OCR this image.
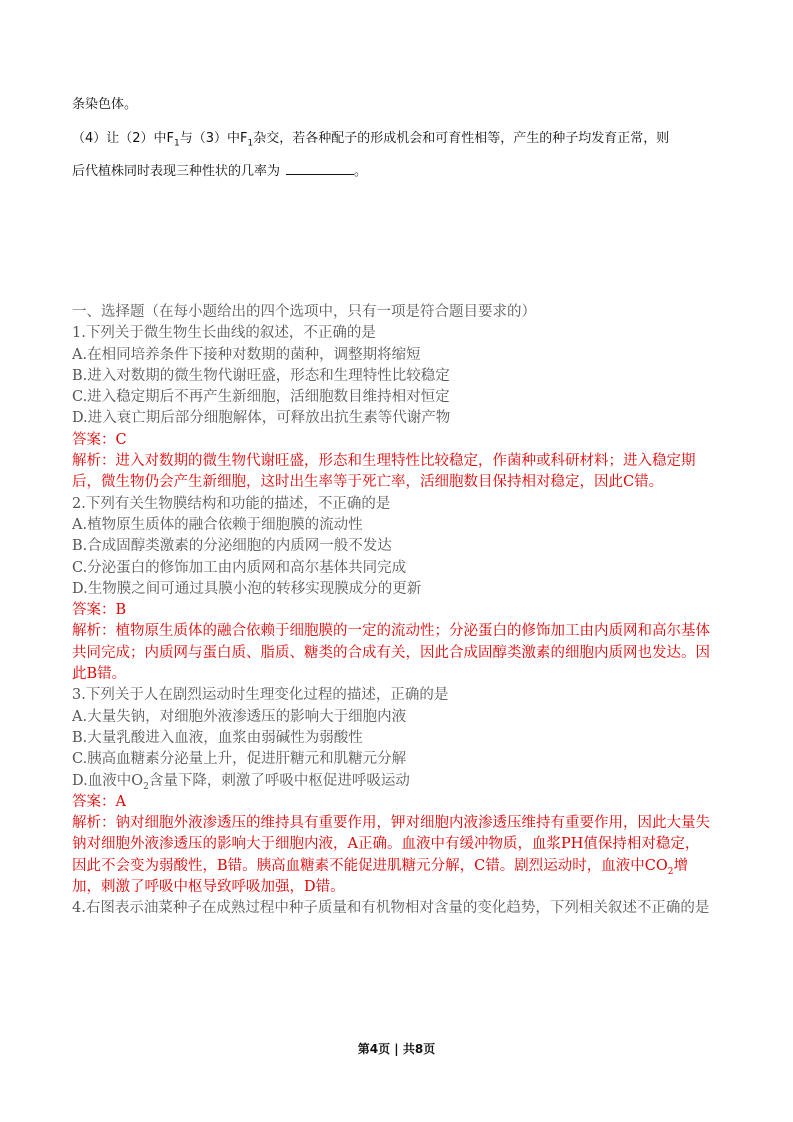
条染色体。
（4）让（2）中$F_1$与（3）中$F_1$杂交，若各种配子的形成机会和可育性相等，产生的种子均发育正常，则
后代植株同时表现三种性状的几率为	。

一、选择题（在每小题给出的四个选项中，只有一项是符合题目要求的）

1.下列关于微生物生长曲线的叙述，不正确的是

A.在相同培养条件下接种对数期的菌种，调整期将缩短

B.进入对数期的微生物代谢旺盛，形态和生理特性比较稳定

C.进入稳定期后不再产生新细胞，活细胞数目维持相对恒定

D.进入衰亡期后部分细胞解体，可释放出抗生素等代谢产物

答案：C

解析：进入对数期的微生物代谢旺盛，形态和生理特性比较稳定，作菌种或科研材料；进入稳定期后，微生物仍会产生新细胞，这时出生率等于死亡率，活细胞数目保持相对稳定，因此C错。

2.下列有关生物膜结构和功能的描述，不正确的是

A.植物原生质体的融合依赖于细胞膜的流动性

B.合成固醇类激素的分泌细胞的内质网一般不发达

C.分泌蛋白的修饰加工由内质网和高尔基体共同完成

D.生物膜之间可通过具膜小泡的转移实现膜成分的更新

答案：B

解析：植物原生质体的融合依赖于细胞膜的一定的流动性；分泌蛋白的修饰加工由内质网和高尔基体共同完成；内质网与蛋白质、脂质、糖类的合成有关，因此合成固醇类激素的细胞内质网也发达。因此B错。

3.下列关于人在剧烈运动时生理变化过程的描述，正确的是

A.大量失钠，对细胞外液渗透压的影响大于细胞内液

B.大量乳酸进入血液，血浆由弱碱性为弱酸性

C.胰高血糖素分泌量上升，促进肝糖元和肌糖元分解

D.血液中$O_2$含量下降，刺激了呼吸中枢促进呼吸运动

答案：A

解析：钠对细胞外液渗透压的维持具有重要作用，钾对细胞内液渗透压维持有重要作用，因此大量失钠对细胞外液渗透压的影响大于细胞内液，A正确。血液中有缓冲物质，血浆PH值保持相对稳定，因此不会变为弱酸性，B错。胰高血糖素不能促进肌糖元分解，C错。剧烈运动时，血液中$CO_2$增加，刺激了呼吸中枢导致呼吸加强，D错。

4.右图表示油菜种子在成熟过程中种子质量和有机物相对含量的变化趋势，下列相关叙述不正确的是

第4页 | 共8页
